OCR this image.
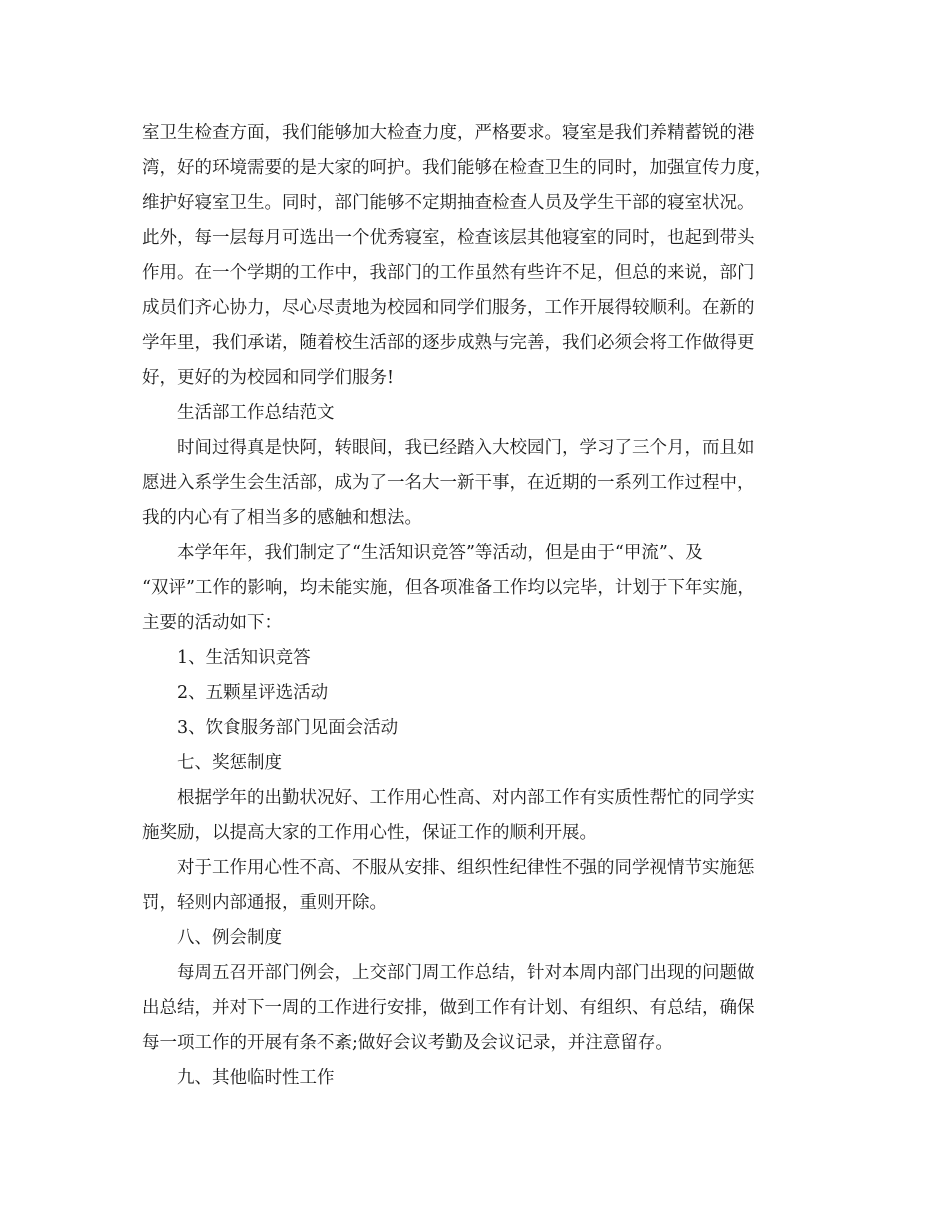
室卫生检查方面，我们能够加大检查力度，严格要求。寝室是我们养精蓄锐的港
湾，好的环境需要的是大家的呵护。我们能够在检查卫生的同时，加强宣传力度，
维护好寝室卫生。同时，部门能够不定期抽查检查人员及学生干部的寝室状况。
此外，每一层每月可选出一个优秀寝室，检查该层其他寝室的同时，也起到带头
作用。在一个学期的工作中，我部门的工作虽然有些许不足，但总的来说，部门
成员们齐心协力，尽心尽责地为校园和同学们服务，工作开展得较顺利。在新的
学年里，我们承诺，随着校生活部的逐步成熟与完善，我们必须会将工作做得更
好，更好的为校园和同学们服务!
生活部工作总结范文
时间过得真是快阿，转眼间，我已经踏入大校园门，学习了三个月，而且如
愿进入系学生会生活部，成为了一名大一新干事，在近期的一系列工作过程中，
我的内心有了相当多的感触和想法。
本学年年，我们制定了“生活知识竞答”等活动，但是由于“甲流”、及
“双评”工作的影响，均未能实施，但各项准备工作均以完毕，计划于下年实施，
主要的活动如下：
1、生活知识竞答
2、五颗星评选活动
3、饮食服务部门见面会活动
七、奖惩制度
根据学年的出勤状况好、工作用心性高、对内部工作有实质性帮忙的同学实
施奖励，以提高大家的工作用心性，保证工作的顺利开展。
对于工作用心性不高、不服从安排、组织性纪律性不强的同学视情节实施惩
罚，轻则内部通报，重则开除。
八、例会制度
每周五召开部门例会，上交部门周工作总结，针对本周内部门出现的问题做
出总结，并对下一周的工作进行安排，做到工作有计划、有组织、有总结，确保
每一项工作的开展有条不紊;做好会议考勤及会议记录，并注意留存。
九、其他临时性工作
